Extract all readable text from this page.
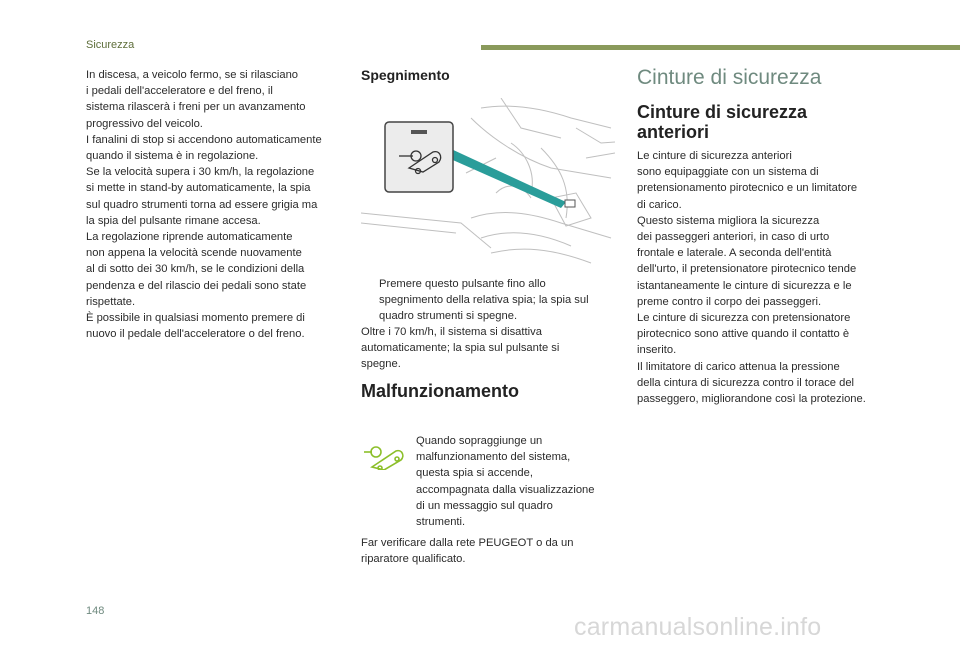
Sicurezza

In discesa, a veicolo fermo, se si rilasciano

i pedali dell'acceleratore e del freno, il

sistema rilascerà i freni per un avanzamento

progressivo del veicolo.

I fanalini di stop si accendono automaticamente

quando il sistema è in regolazione.

Se la velocità supera i 30 km/h, la regolazione

si mette in stand-by automaticamente, la spia

sul quadro strumenti torna ad essere grigia ma

la spia del pulsante rimane accesa.

La regolazione riprende automaticamente

non appena la velocità scende nuovamente

al di sotto dei 30 km/h, se le condizioni della

pendenza e del rilascio dei pedali sono state

rispettate.

È possibile in qualsiasi momento premere di

nuovo il pedale dell'acceleratore o del freno.

Spegnimento
Premere questo pulsante fino allo
spegnimento della relativa spia; la spia sul
quadro strumenti si spegne.
Oltre i 70 km/h, il sistema si disattiva
automaticamente; la spia sul pulsante si
spegne.
Malfunzionamento
Quando sopraggiunge un
malfunzionamento del sistema,
questa spia si accende,
accompagnata dalla visualizzazione
di un messaggio sul quadro
strumenti.
Far verificare dalla rete PEUGEOT o da un
riparatore qualificato.
Cinture di sicurezza
Cinture di sicurezza
anteriori
Le cinture di sicurezza anteriori
sono equipaggiate con un sistema di
pretensionamento pirotecnico e un limitatore
di carico.
Questo sistema migliora la sicurezza
dei passeggeri anteriori, in caso di urto
frontale e laterale. A seconda dell'entità
dell'urto, il pretensionatore pirotecnico tende
istantaneamente le cinture di sicurezza e le
preme contro il corpo dei passeggeri.
Le cinture di sicurezza con pretensionatore
pirotecnico sono attive quando il contatto è
inserito.
Il limitatore di carico attenua la pressione
della cintura di sicurezza contro il torace del
passeggero, migliorandone così la protezione.
148
carmanualsonline.info
